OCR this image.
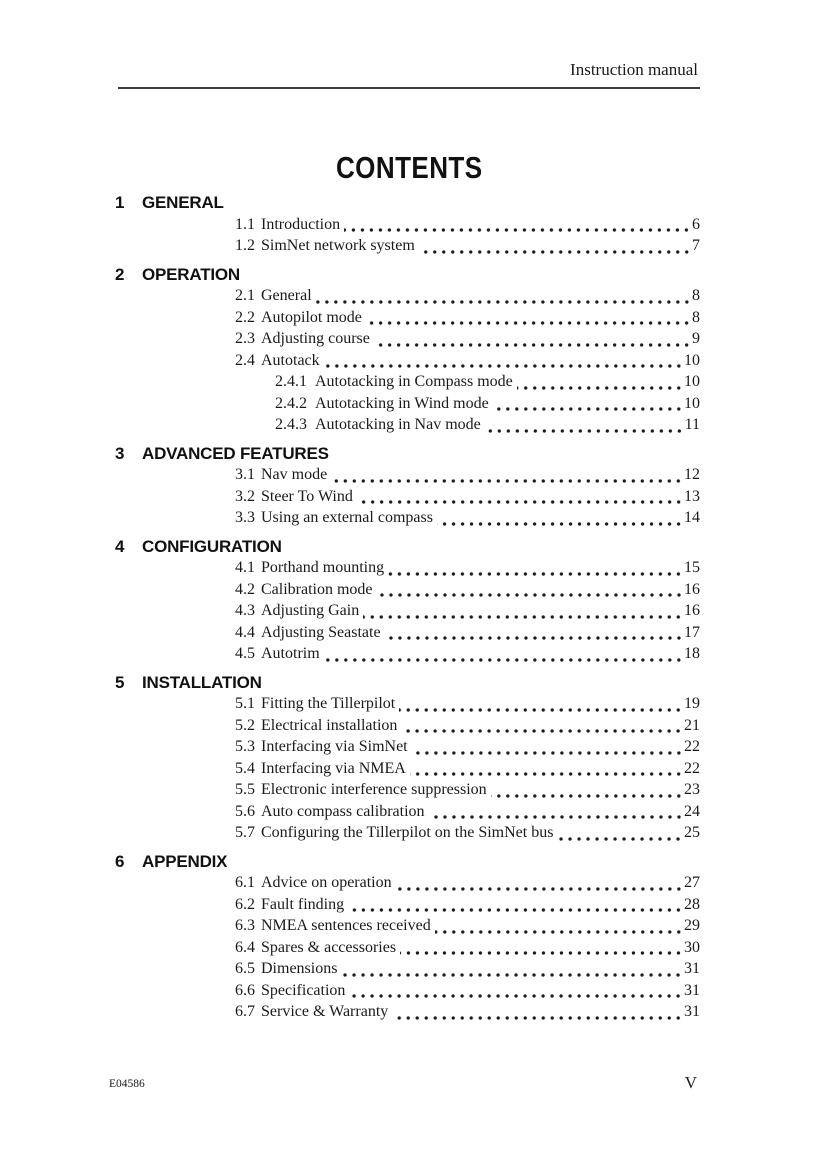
Instruction manual
CONTENTS
1	GENERAL
1.1 Introduction	6
1.2 SimNet network system	7
2	OPERATION
2.1 General	8
2.2 Autopilot mode	8
2.3 Adjusting course	9
2.4 Autotack	10
2.4.1 Autotacking in Compass mode	10
2.4.2 Autotacking in Wind mode	10
2.4.3 Autotacking in Nav mode	11
3	ADVANCED FEATURES
3.1 Nav mode	12
3.2 Steer To Wind	13
3.3 Using an external compass	14
4	CONFIGURATION
4.1 Porthand mounting	15
4.2 Calibration mode	16
4.3 Adjusting Gain	16
4.4 Adjusting Seastate	17
4.5 Autotrim	18
5	INSTALLATION
5.1 Fitting the Tillerpilot	19
5.2 Electrical installation	21
5.3 Interfacing via SimNet	22
5.4 Interfacing via NMEA	22
5.5 Electronic interference suppression	23
5.6 Auto compass calibration	24
5.7 Configuring the Tillerpilot on the SimNet bus	25
6	APPENDIX
6.1 Advice on operation	27
6.2 Fault finding	28
6.3 NMEA sentences received	29
6.4 Spares & accessories	30
6.5 Dimensions	31
6.6 Specification	31
6.7 Service & Warranty	31
E04586	V
